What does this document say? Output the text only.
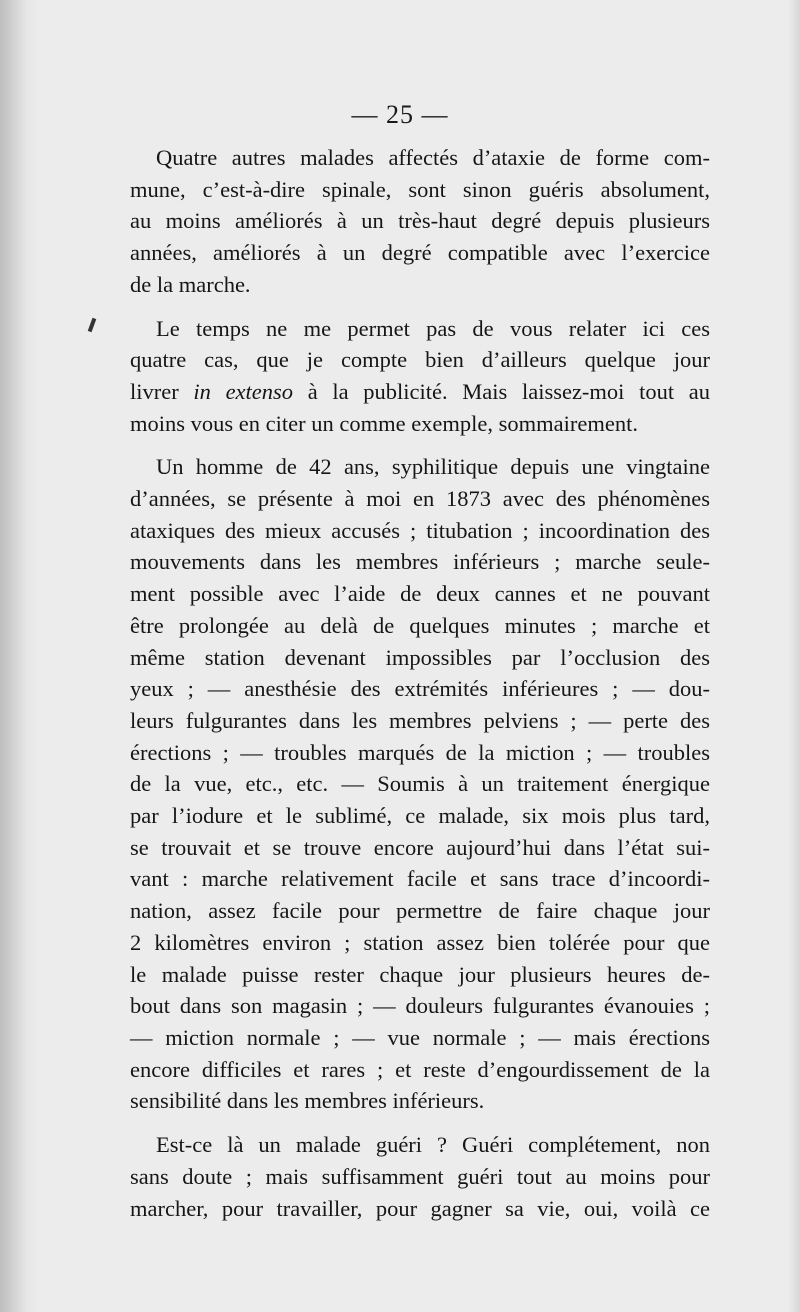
— 25 —

Quatre autres malades affectés d’ataxie de forme com-
mune, c’est-à-dire spinale, sont sinon guéris absolument,
au moins améliorés à un très-haut degré depuis plusieurs
années, améliorés à un degré compatible avec l’exercice
de la marche.

Le temps ne me permet pas de vous relater ici ces
quatre cas, que je compte bien d’ailleurs quelque jour
livrer in extenso à la publicité. Mais laissez-moi tout au
moins vous en citer un comme exemple, sommairement.

Un homme de 42 ans, syphilitique depuis une vingtaine
d’années, se présente à moi en 1873 avec des phénomènes
ataxiques des mieux accusés ; titubation ; incoordination des
mouvements dans les membres inférieurs ; marche seule-
ment possible avec l’aide de deux cannes et ne pouvant
être prolongée au delà de quelques minutes ; marche et
même station devenant impossibles par l’occlusion des
yeux ; — anesthésie des extrémités inférieures ; — dou-
leurs fulgurantes dans les membres pelviens ; — perte des
érections ; — troubles marqués de la miction ; — troubles
de la vue, etc., etc. — Soumis à un traitement énergique
par l’iodure et le sublimé, ce malade, six mois plus tard,
se trouvait et se trouve encore aujourd’hui dans l’état sui-
vant : marche relativement facile et sans trace d’incoordi-
nation, assez facile pour permettre de faire chaque jour
2 kilomètres environ ; station assez bien tolérée pour que
le malade puisse rester chaque jour plusieurs heures de-
bout dans son magasin ; — douleurs fulgurantes évanouies ;
— miction normale ; — vue normale ; — mais érections
encore difficiles et rares ; et reste d’engourdissement de la
sensibilité dans les membres inférieurs.

Est-ce là un malade guéri ? Guéri complétement, non
sans doute ; mais suffisamment guéri tout au moins pour
marcher, pour travailler, pour gagner sa vie, oui, voilà ce
